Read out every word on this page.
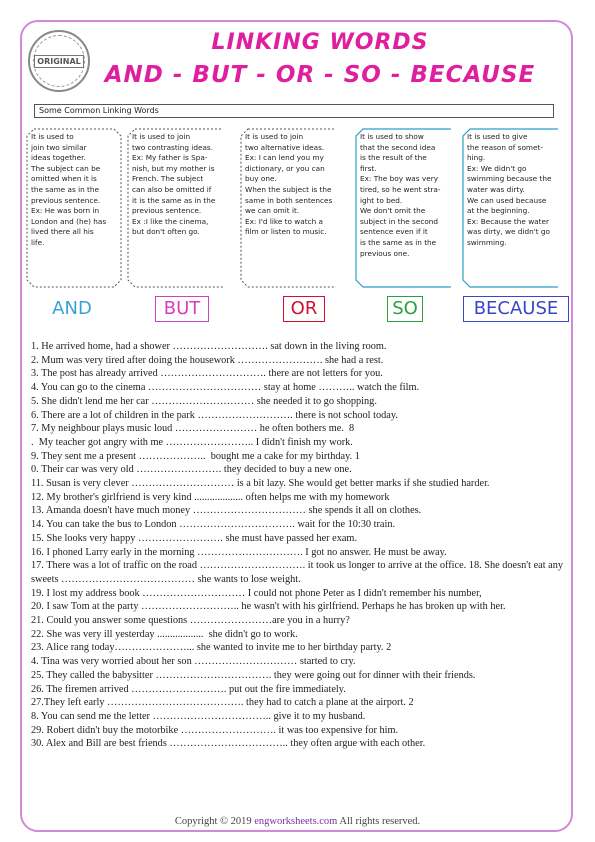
ORIGINAL
LINKING WORDS
AND - BUT - OR - SO - BECAUSE
Some Common Linking Words
It is used to
join two similar
ideas together.
The subject can be
omitted when it is
the same as in the
previous sentence.
Ex: He was born in
London and (he) has
lived there all his
life.
It is used to join
two contrasting ideas.
Ex: My father is Spa-
nish, but my mother is
French. The subject
can also be omitted if
it is the same as in the
previous sentence.
Ex :I like the cinema,
but don't often go.
It is used to join
two alternative ideas.
Ex: I can lend you my
dictionary, or you can
buy one.
When the subject is the
same in both sentences
we can omit it.
Ex: I'd like to watch a
film or listen to music.
It is used to show
that the second idea
is the result of the
first.
Ex: The boy was very
tired, so he went stra-
ight to bed.
We don't omit the
subject in the second
sentence even if it
is the same as in the
previous one.
It is used to give
the reason of somet-
hing.
Ex: We didn't go
swimming because the
water was dirty.
We can used because
at the beginning.
Ex: Because the water
was dirty, we didn't go
swimming.
AND	BUT	OR	SO	BECAUSE
1. He arrived home, had a shower ………………………. sat down in the living room.
2. Mum was very tired after doing the housework ……………………. she had a rest.
3. The post has already arrived …………………………. there are not letters for you.
4. You can go to the cinema …………………………… stay at home ……….. watch the film.
5. She didn't lend me her car ………………………… she needed it to go shopping.
6. There are a lot of children in the park ………………………. there is not school today.
7. My neighbour plays music loud …………………… he often bothers me.  8
.  My teacher got angry with me …………………….. I didn't finish my work.
9. They sent me a present ………………..  bought me a cake for my birthday. 1
0. Their car was very old ……………………. they decided to buy a new one.
11. Susan is very clever ………………………… is a bit lazy. She would get better marks if she studied harder.
12. My brother's girlfriend is very kind ................... often helps me with my homework
13. Amanda doesn't have much money …………………………… she spends it all on clothes.
14. You can take the bus to London ……………………………. wait for the 10:30 train.
15. She looks very happy ……………………. she must have passed her exam.
16. I phoned Larry early in the morning …………………………. I got no answer. He must be away.
17. There was a lot of traffic on the road …………………………. it took us longer to arrive at the office. 18. She doesn't eat any sweets ………………………………… she wants to lose weight.
19. I lost my address book ………………………… I could not phone Peter as I didn't remember his number,
20. I saw Tom at the party ……………………….. he wasn't with his girlfriend. Perhaps he has broken up with her.
21. Could you answer some questions ……………………are you in a hurry?
22. She was very ill yesterday ..................  she didn't go to work.
23. Alice rang today…………………... she wanted to invite me to her birthday party. 2
4. Tina was very worried about her son ………………………… started to cry.
25. They called the babysitter ……………………………. they were going out for dinner with their friends.
26. The firemen arrived ………………………. put out the fire immediately.
27.They left early …………………………………. they had to catch a plane at the airport. 2
8. You can send me the letter …………………………….. give it to my husband.
29. Robert didn't buy the motorbike ………………………. it was too expensive for him.
30. Alex and Bill are best friends …………………………….. they often argue with each other.
Copyright © 2019 engworksheets.com All rights reserved.
